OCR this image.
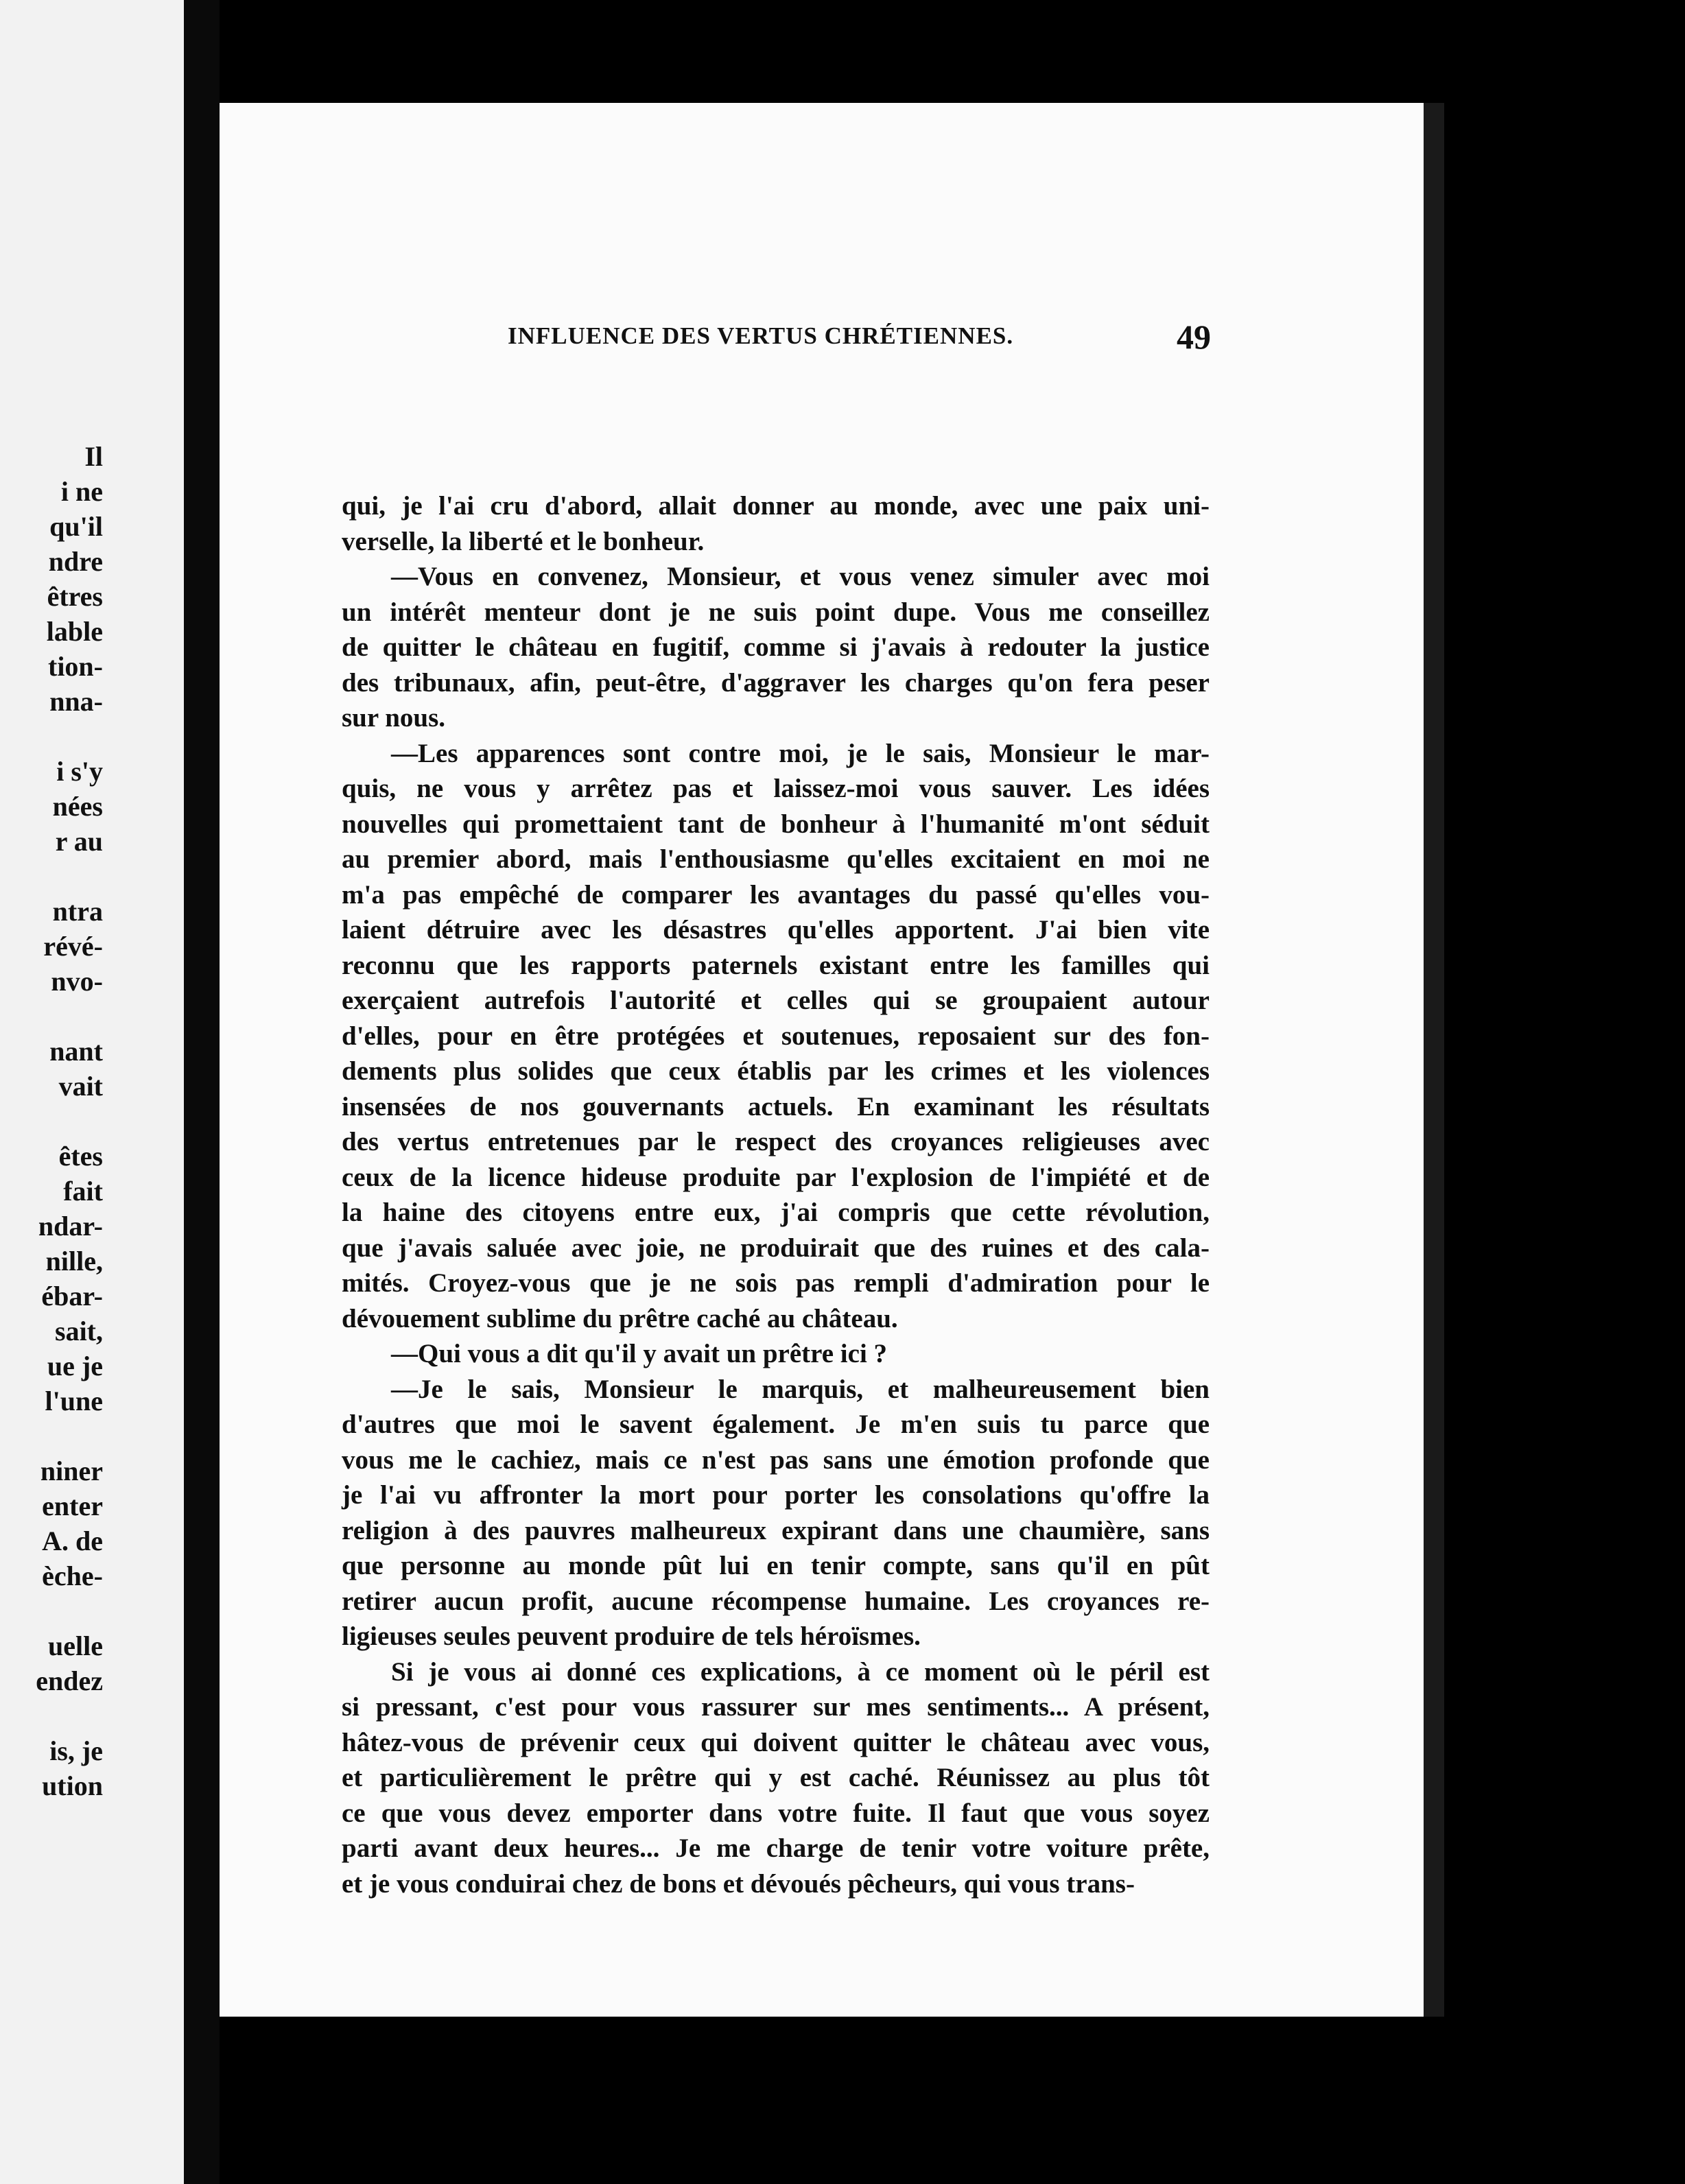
Il
i ne
qu'il
ndre
êtres
lable
tion-
nna-
i s'y
nées
r au
ntra
révé-
nvo-
nant
vait
êtes
fait
ndar-
nille,
ébar-
sait,
ue je
l'une
niner
enter
A. de
èche-
uelle
endez
is, je
ution
INFLUENCE DES VERTUS CHRÉTIENNES.	49
qui, je l'ai cru d'abord, allait donner au monde, avec une paix uni-
verselle, la liberté et le bonheur.
—Vous en convenez, Monsieur, et vous venez simuler avec moi
un intérêt menteur dont je ne suis point dupe. Vous me conseillez
de quitter le château en fugitif, comme si j'avais à redouter la justice
des tribunaux, afin, peut-être, d'aggraver les charges qu'on fera peser
sur nous.
—Les apparences sont contre moi, je le sais, Monsieur le mar-
quis, ne vous y arrêtez pas et laissez-moi vous sauver. Les idées
nouvelles qui promettaient tant de bonheur à l'humanité m'ont séduit
au premier abord, mais l'enthousiasme qu'elles excitaient en moi ne
m'a pas empêché de comparer les avantages du passé qu'elles vou-
laient détruire avec les désastres qu'elles apportent. J'ai bien vite
reconnu que les rapports paternels existant entre les familles qui
exerçaient autrefois l'autorité et celles qui se groupaient autour
d'elles, pour en être protégées et soutenues, reposaient sur des fon-
dements plus solides que ceux établis par les crimes et les violences
insensées de nos gouvernants actuels. En examinant les résultats
des vertus entretenues par le respect des croyances religieuses avec
ceux de la licence hideuse produite par l'explosion de l'impiété et de
la haine des citoyens entre eux, j'ai compris que cette révolution,
que j'avais saluée avec joie, ne produirait que des ruines et des cala-
mités. Croyez-vous que je ne sois pas rempli d'admiration pour le
dévouement sublime du prêtre caché au château.
—Qui vous a dit qu'il y avait un prêtre ici ?
—Je le sais, Monsieur le marquis, et malheureusement bien
d'autres que moi le savent également. Je m'en suis tu parce que
vous me le cachiez, mais ce n'est pas sans une émotion profonde que
je l'ai vu affronter la mort pour porter les consolations qu'offre la
religion à des pauvres malheureux expirant dans une chaumière, sans
que personne au monde pût lui en tenir compte, sans qu'il en pût
retirer aucun profit, aucune récompense humaine. Les croyances re-
ligieuses seules peuvent produire de tels héroïsmes.
Si je vous ai donné ces explications, à ce moment où le péril est
si pressant, c'est pour vous rassurer sur mes sentiments... A présent,
hâtez-vous de prévenir ceux qui doivent quitter le château avec vous,
et particulièrement le prêtre qui y est caché. Réunissez au plus tôt
ce que vous devez emporter dans votre fuite. Il faut que vous soyez
parti avant deux heures... Je me charge de tenir votre voiture prête,
et je vous conduirai chez de bons et dévoués pêcheurs, qui vous trans-
